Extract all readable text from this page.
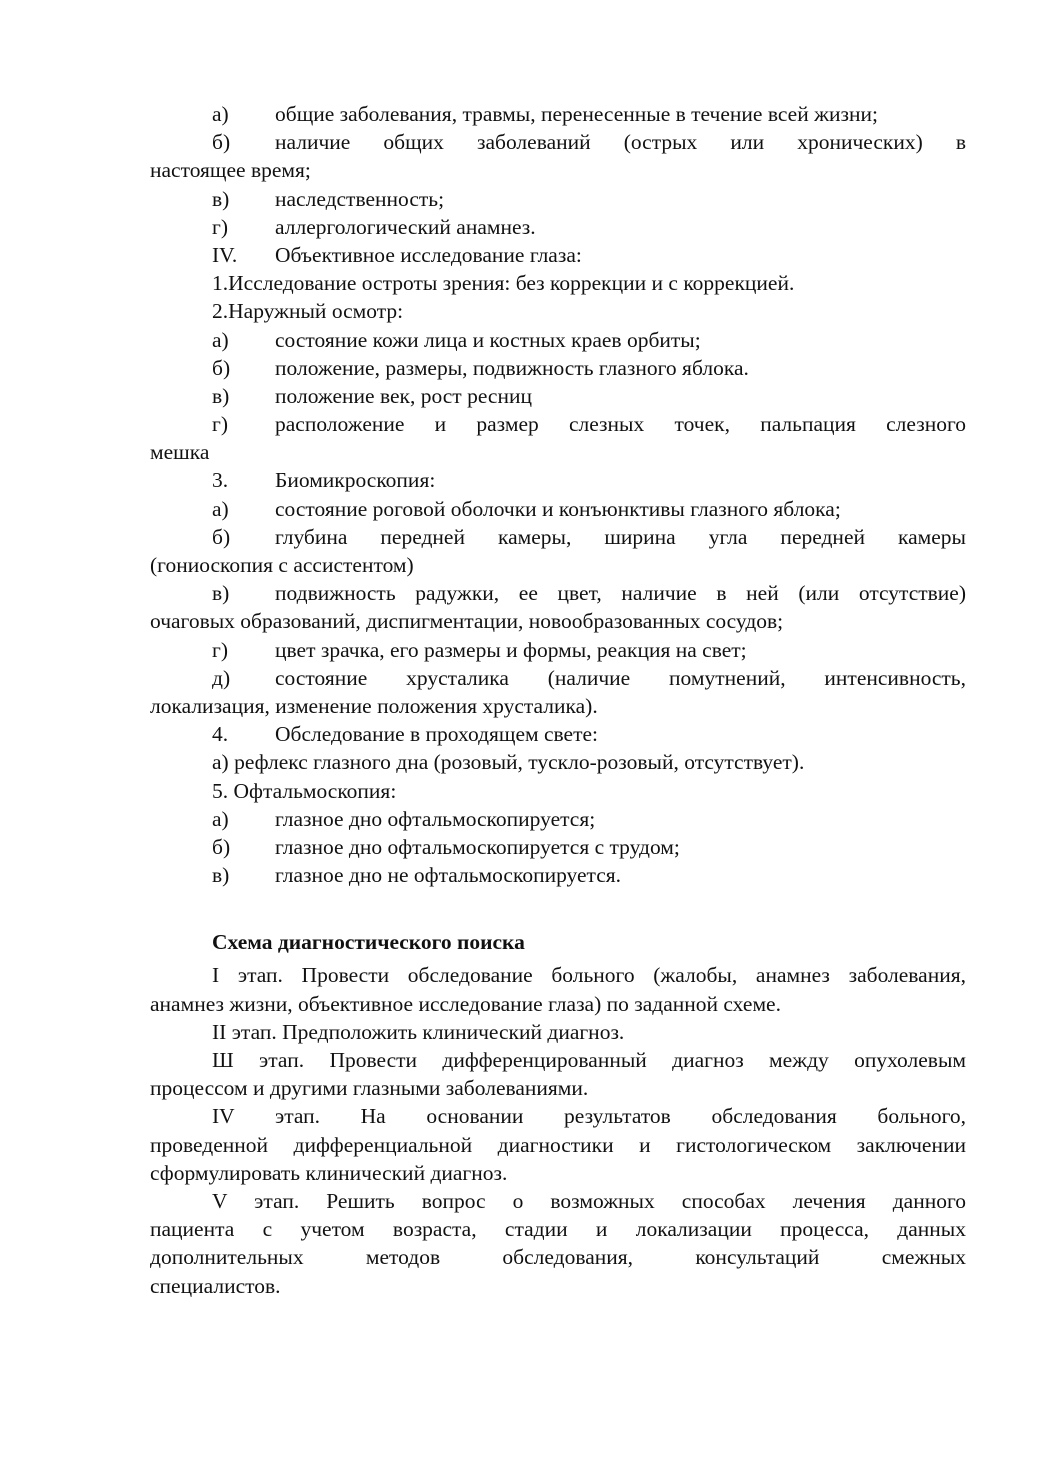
а) общие заболевания, травмы, перенесенные в течение всей жизни;
б) наличие общих заболеваний (острых или хронических) в
настоящее время;
в) наследственность;
г) аллергологический анамнез.
IV. Объективное исследование глаза:
1.Исследование остроты зрения: без коррекции и с коррекцией.
2.Наружный осмотр:
а) состояние кожи лица и костных краев орбиты;
б) положение, размеры, подвижность глазного яблока.
в) положение век, рост ресниц
г) расположение и размер слезных точек, пальпация слезного
мешка
3. Биомикроскопия:
а) состояние роговой оболочки и конъюнктивы глазного яблока;
б) глубина передней камеры, ширина угла передней камеры
(гониоскопия с ассистентом)
в) подвижность радужки, ее цвет, наличие в ней (или отсутствие)
очаговых образований, диспигментации, новообразованных сосудов;
г) цвет зрачка, его размеры и формы, реакция на свет;
д) состояние хрусталика (наличие помутнений, интенсивность,
локализация, изменение положения хрусталика).
4. Обследование в проходящем свете:
а) рефлекс глазного дна (розовый, тускло-розовый, отсутствует).
5. Офтальмоскопия:
а) глазное дно офтальмоскопируется;
б) глазное дно офтальмоскопируется с трудом;
в) глазное дно не офтальмоскопируется.
Схема диагностического поиска
I этап. Провести обследование больного (жалобы, анамнез заболевания,
анамнез жизни, объективное исследование глаза) по заданной схеме.
II этап. Предположить клинический диагноз.
Ш этап. Провести дифференцированный диагноз между опухолевым
процессом и другими глазными заболеваниями.
IV этап. На основании результатов обследования больного,
проведенной дифференциальной диагностики и гистологическом заключении
сформулировать клинический диагноз.
V этап. Решить вопрос о возможных способах лечения данного
пациента с учетом возраста, стадии и локализации процесса, данных
дополнительных методов обследования, консультаций смежных
специалистов.
